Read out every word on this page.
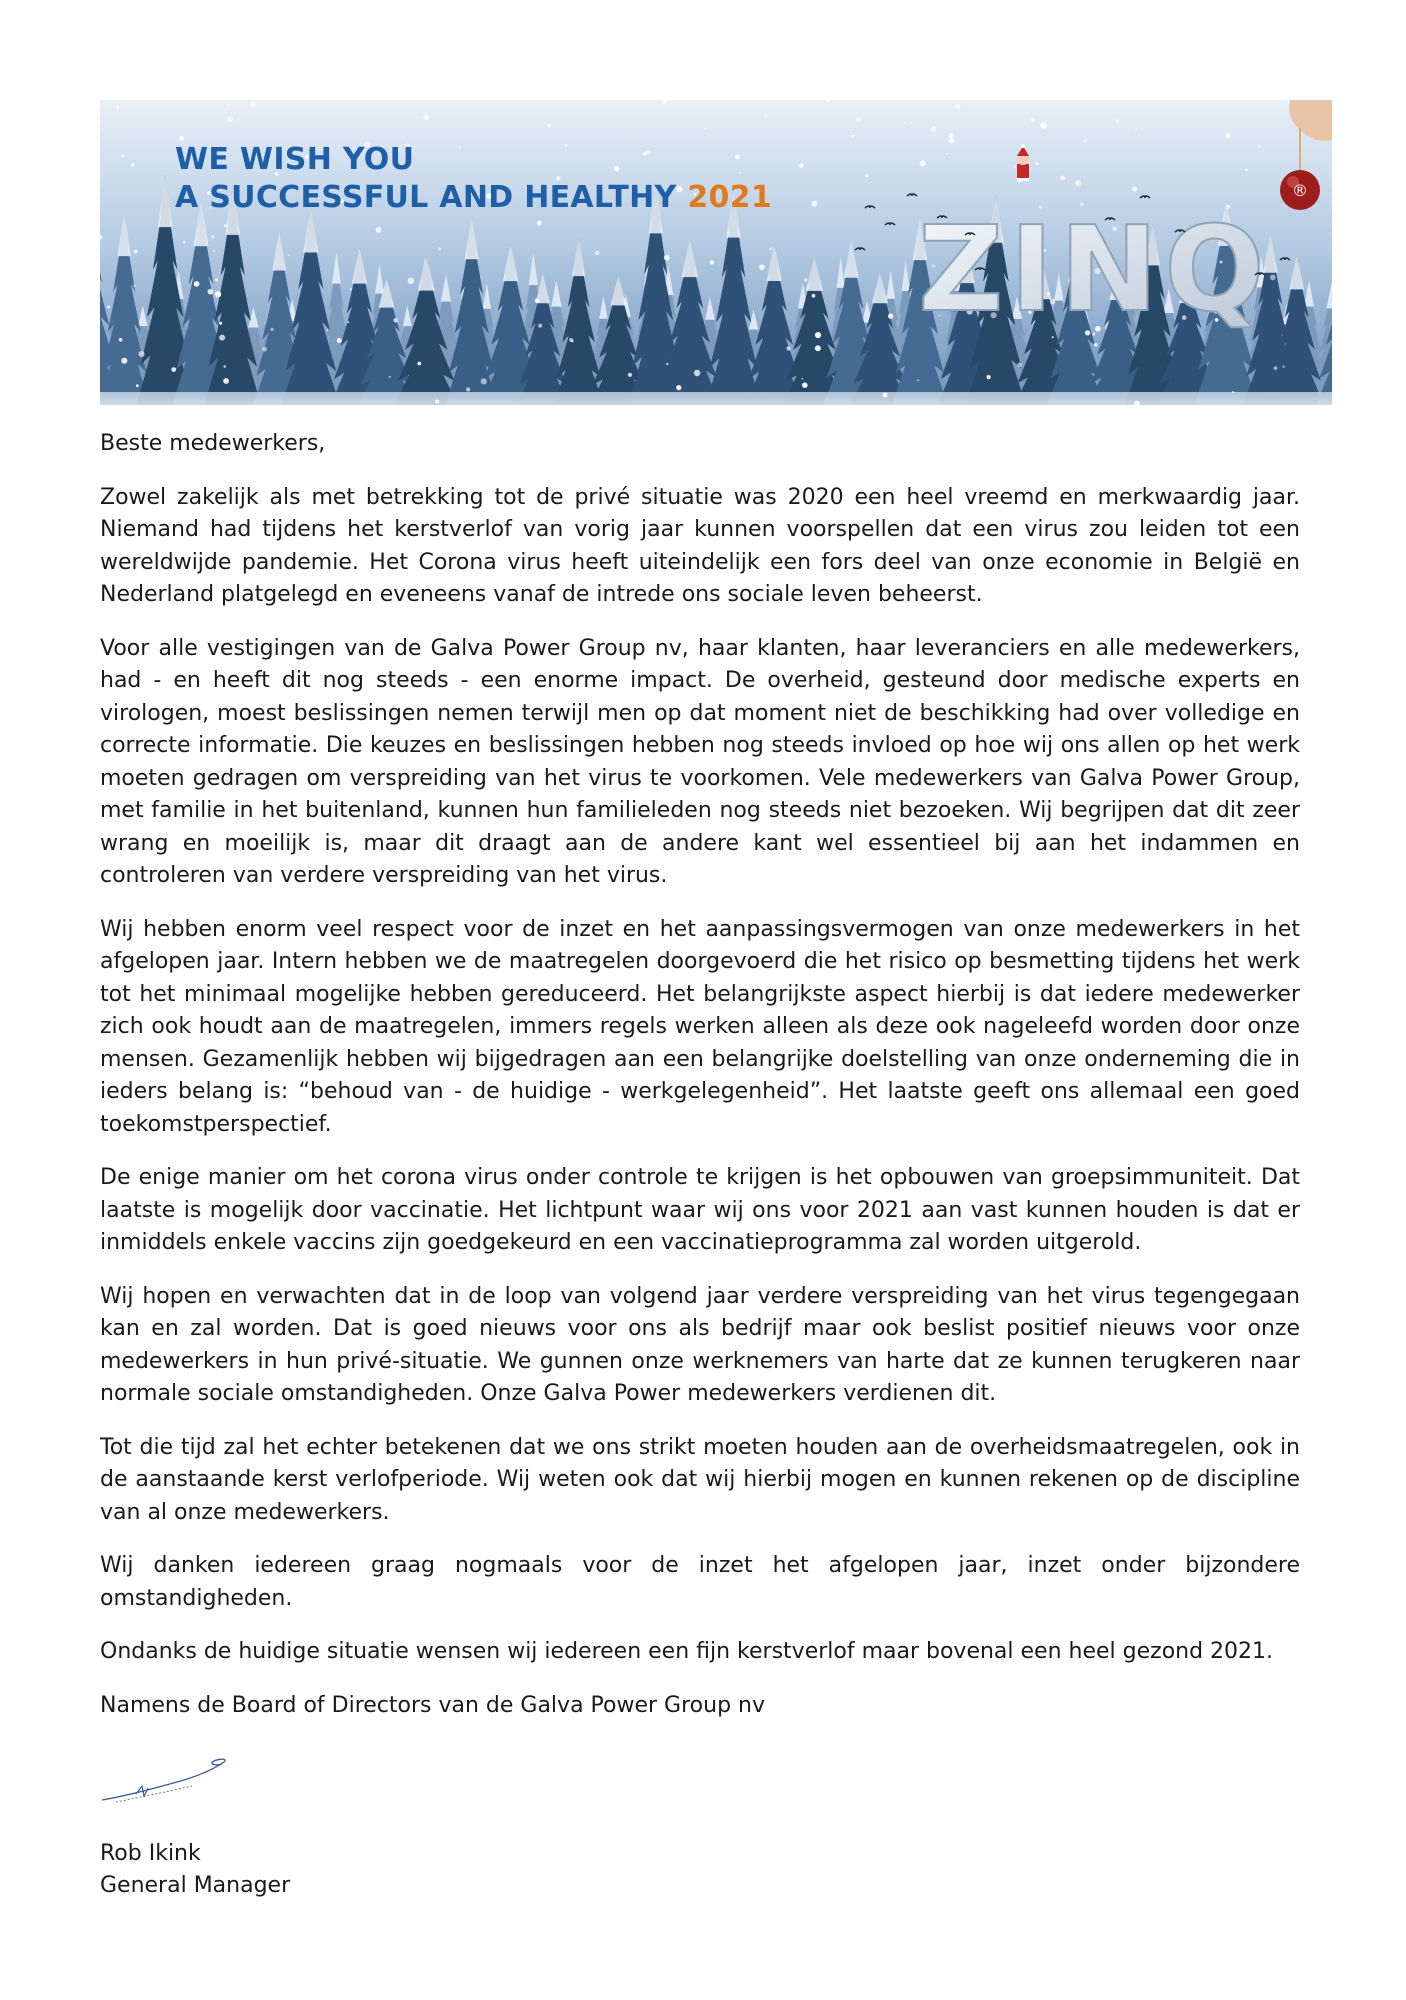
ZINQ
®
WE WISH YOU
A SUCCESSFUL AND HEALTHY 2021

Beste medewerkers,

Zowel zakelijk als met betrekking tot de privé situatie was 2020 een heel vreemd en merkwaardig jaar. Niemand had tijdens het kerstverlof van vorig jaar kunnen voorspellen dat een virus zou leiden tot een wereldwijde pandemie. Het Corona virus heeft uiteindelijk een fors deel van onze economie in België en Nederland platgelegd en eveneens vanaf de intrede ons sociale leven beheerst.

Voor alle vestigingen van de Galva Power Group nv, haar klanten, haar leveranciers en alle medewerkers, had - en heeft dit nog steeds - een enorme impact. De overheid, gesteund door medische experts en virologen, moest beslissingen nemen terwijl men op dat moment niet de beschikking had over volledige en correcte informatie. Die keuzes en beslissingen hebben nog steeds invloed op hoe wij ons allen op het werk moeten gedragen om verspreiding van het virus te voorkomen. Vele medewerkers van Galva Power Group, met familie in het buitenland, kunnen hun familieleden nog steeds niet bezoeken. Wij begrijpen dat dit zeer wrang en moeilijk is, maar dit draagt aan de andere kant wel essentieel bij aan het indammen en controleren van verdere verspreiding van het virus.

Wij hebben enorm veel respect voor de inzet en het aanpassingsvermogen van onze medewerkers in het afgelopen jaar. Intern hebben we de maatregelen doorgevoerd die het risico op besmetting tijdens het werk tot het minimaal mogelijke hebben gereduceerd. Het belangrijkste aspect hierbij is dat iedere medewerker zich ook houdt aan de maatregelen, immers regels werken alleen als deze ook nageleefd worden door onze mensen. Gezamenlijk hebben wij bijgedragen aan een belangrijke doelstelling van onze onderneming die in ieders belang is: “behoud van - de huidige - werkgelegenheid”. Het laatste geeft ons allemaal een goed toekomstperspectief.

De enige manier om het corona virus onder controle te krijgen is het opbouwen van groepsimmuniteit. Dat laatste is mogelijk door vaccinatie. Het lichtpunt waar wij ons voor 2021 aan vast kunnen houden is dat er inmiddels enkele vaccins zijn goedgekeurd en een vaccinatieprogramma zal worden uitgerold.

Wij hopen en verwachten dat in de loop van volgend jaar verdere verspreiding van het virus tegengegaan kan en zal worden. Dat is goed nieuws voor ons als bedrijf maar ook beslist positief nieuws voor onze medewerkers in hun privé-situatie. We gunnen onze werknemers van harte dat ze kunnen terugkeren naar normale sociale omstandigheden. Onze Galva Power medewerkers verdienen dit.

Tot die tijd zal het echter betekenen dat we ons strikt moeten houden aan de overheidsmaatregelen, ook in de aanstaande kerst verlofperiode. Wij weten ook dat wij hierbij mogen en kunnen rekenen op de discipline van al onze medewerkers.

Wij danken iedereen graag nogmaals voor de inzet het afgelopen jaar, inzet onder bijzondere omstandigheden.

Ondanks de huidige situatie wensen wij iedereen een fijn kerstverlof maar bovenal een heel gezond 2021.

Namens de Board of Directors van de Galva Power Group nv

Rob Ikink
General Manager
